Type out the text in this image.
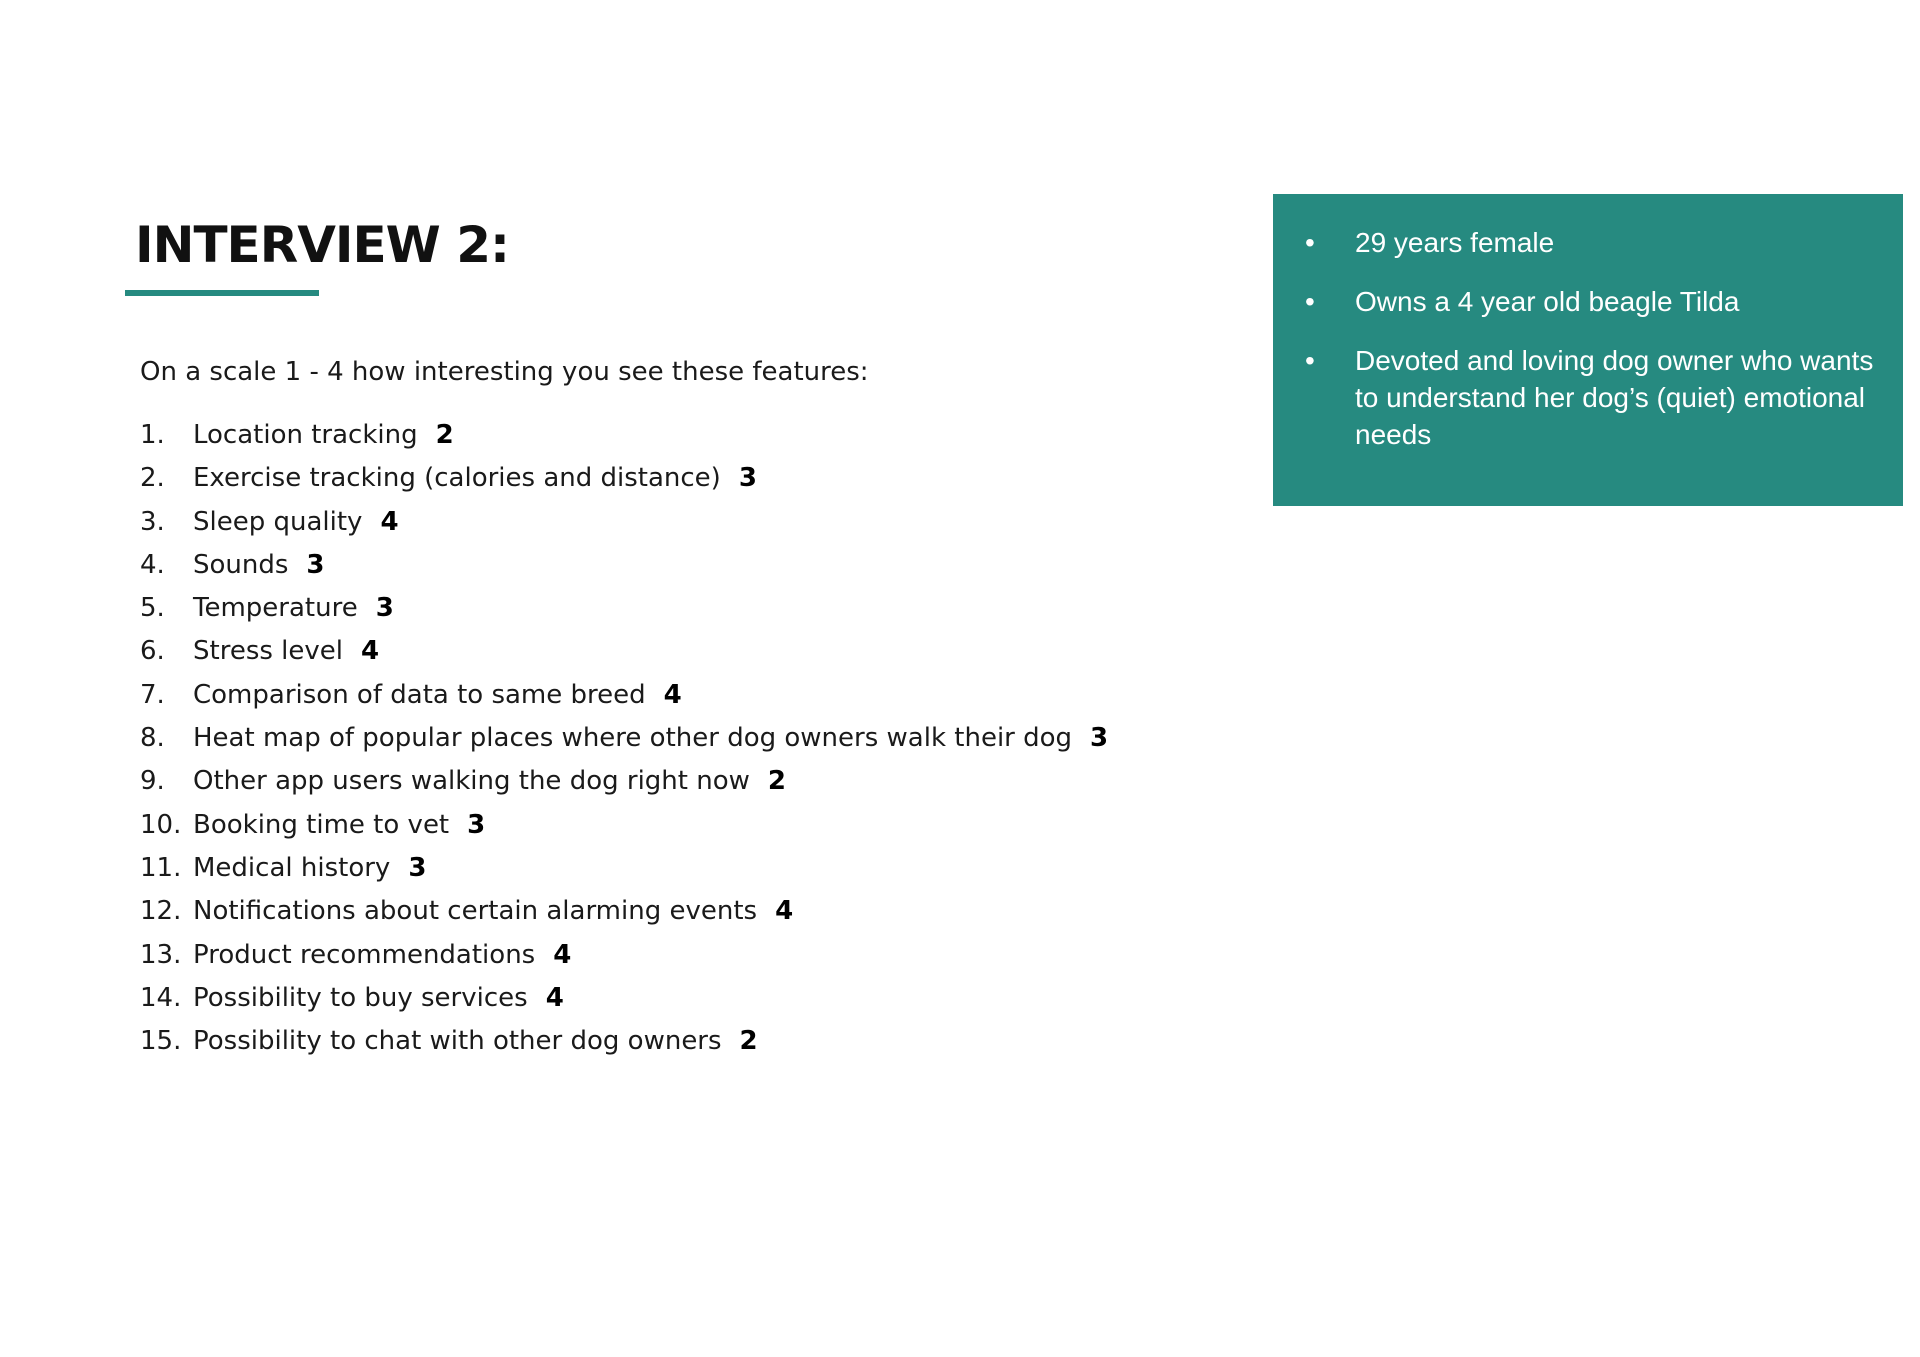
INTERVIEW 2:

On a scale 1 - 4 how interesting you see these features:

1.	Location tracking 2
2.	Exercise tracking (calories and distance) 3
3.	Sleep quality 4
4.	Sounds 3
5.	Temperature 3
6.	Stress level 4
7.	Comparison of data to same breed 4
8.	Heat map of popular places where other dog owners walk their dog 3
9.	Other app users walking the dog right now 2
10. Booking time to vet 3
11. Medical history 3
12. Notifications about certain alarming events 4
13. Product recommendations 4
14. Possibility to buy services 4
15. Possibility to chat with other dog owners 2
• 29 years female
• Owns a 4 year old beagle Tilda
• Devoted and loving dog owner who wants to understand her dog’s (quiet) emotional needs
